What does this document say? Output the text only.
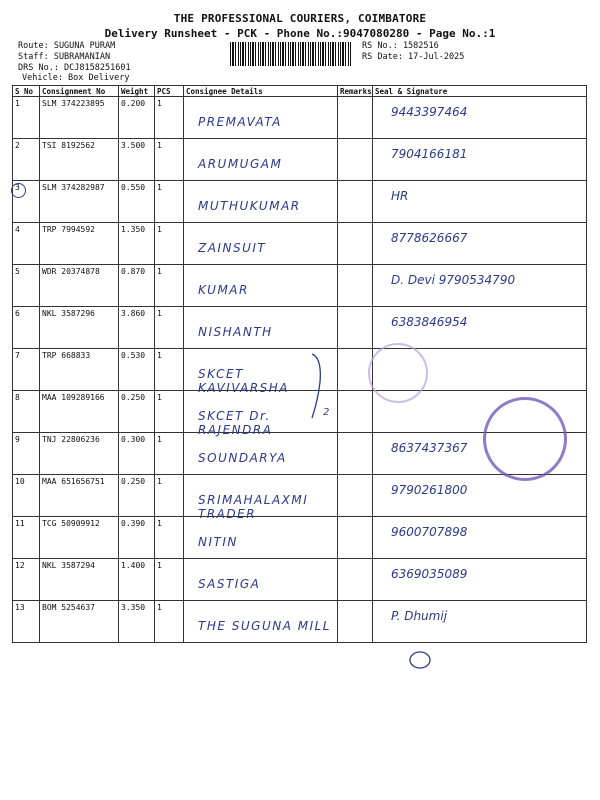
THE PROFESSIONAL COURIERS, COIMBATORE
Delivery Runsheet - PCK - Phone No.:9047080280 - Page No.:1
Route: SUGUNA PURAM
Staff: SUBRAMANIAN
DRS No.: DCJ8158251601
Vehicle: Box Delivery
RS No.: 1582516
RS Date: 17-Jul-2025
S No	Consignment No	Weight	PCS	Consignee Details	Remarks	Seal & Signature
1	SLM 374223895	0.200	1	PREMAVATA		9443397464

2	TSI 8192562	3.500	1	ARUMUGAM		7904166181

3	SLM 374282987	0.550	1	MUTHUKUMAR		HR

4	TRP 7994592	1.350	1	ZAINSUIT		8778626667

5	WDR 20374878	0.870	1	KUMAR		D. Devi 9790534790

6	NKL 3587296	3.860	1	NISHANTH		6383846954

7	TRP 668833	0.530	1	SKCET KAVIVARSHA		

8	MAA 109289166	0.250	1	SKCET Dr. RAJENDRA		

9	TNJ 22806236	0.300	1	SOUNDARYA		8637437367

10	MAA 651656751	0.250	1	SRIMAHALAXMI TRADER		9790261800

11	TCG 50909912	0.390	1	NITIN		9600707898

12	NKL 3587294	1.400	1	SASTIGA		6369035089

13	BOM 5254637	3.350	1	THE SUGUNA MILL		P. Dhumij
2
